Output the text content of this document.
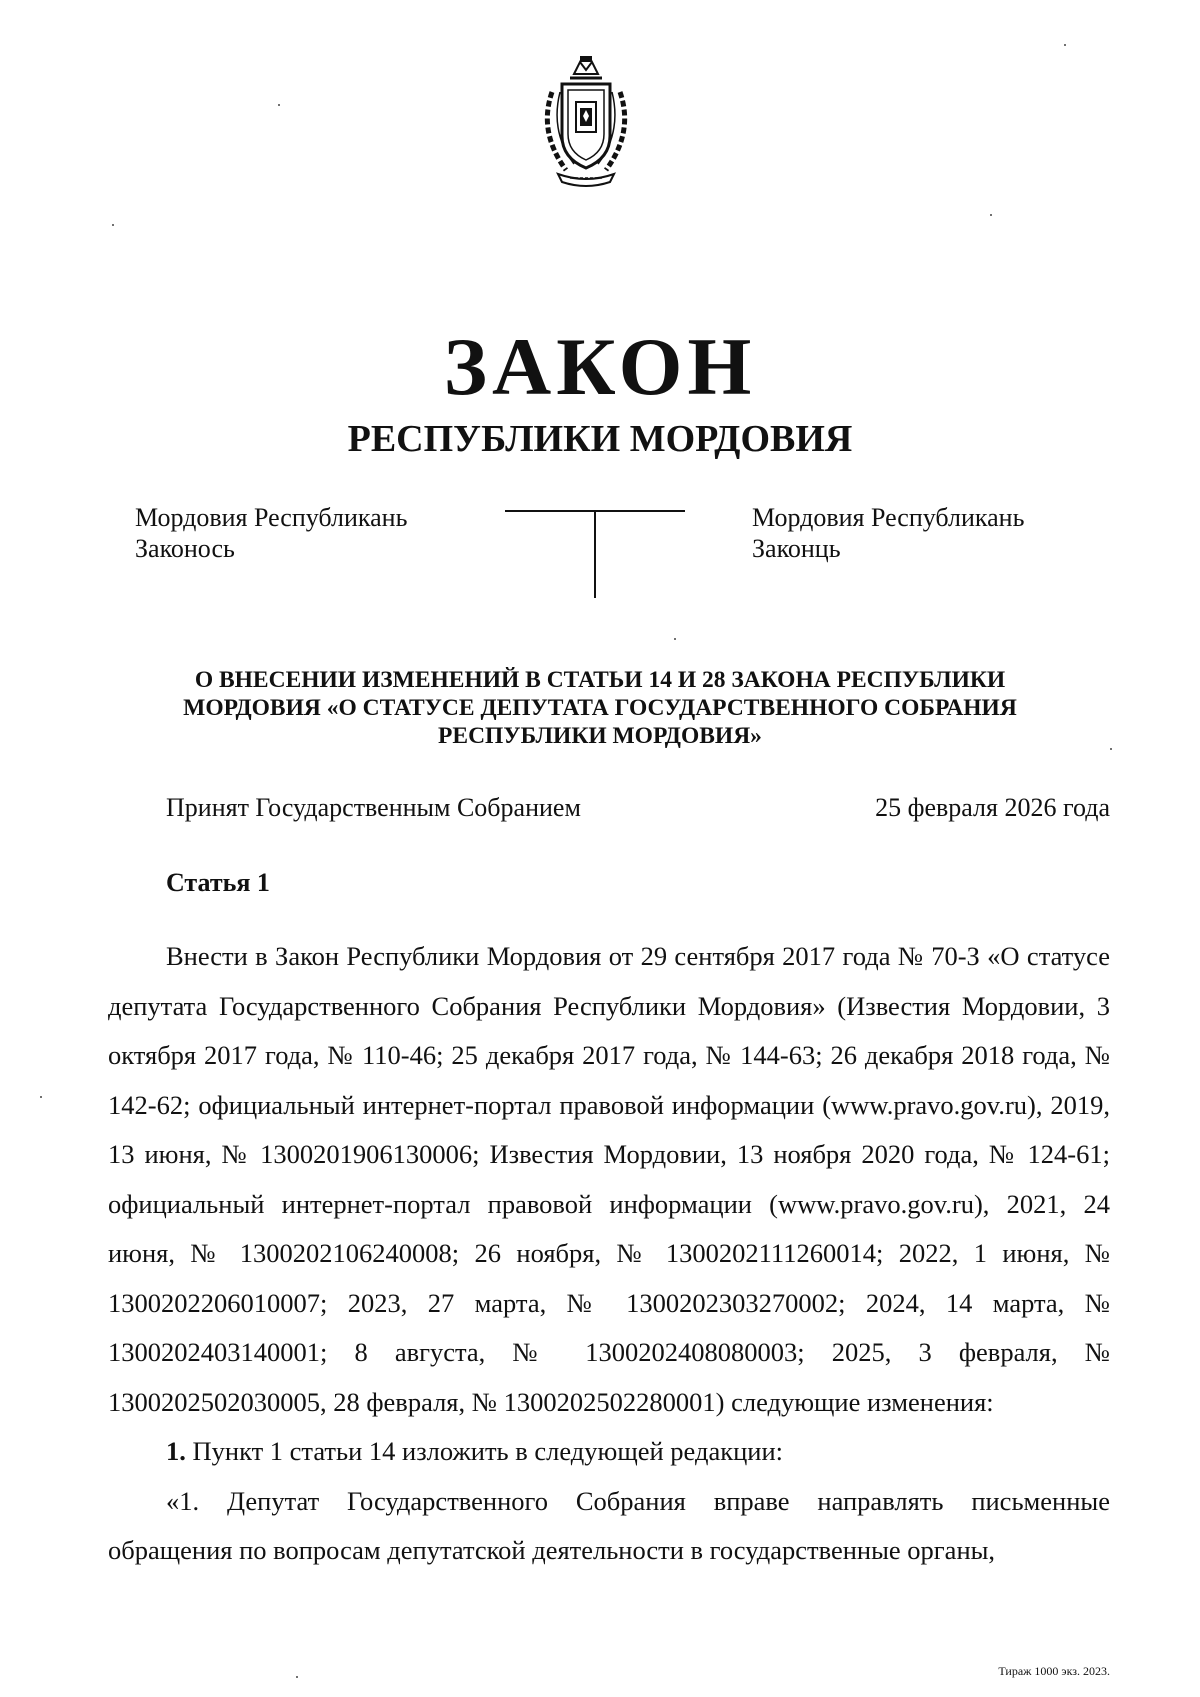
ЗАКОН
РЕСПУБЛИКИ МОРДОВИЯ
Мордовия Республикань
Законось
Мордовия Республикань
Законць
О ВНЕСЕНИИ ИЗМЕНЕНИЙ В СТАТЬИ 14 И 28 ЗАКОНА РЕСПУБЛИКИ
МОРДОВИЯ «О СТАТУСЕ ДЕПУТАТА ГОСУДАРСТВЕННОГО СОБРАНИЯ
РЕСПУБЛИКИ МОРДОВИЯ»
Принят Государственным Собранием	25 февраля 2026 года
Статья 1

Внести в Закон Республики Мордовия от 29 сентября 2017 года № 70-З «О статусе депутата Государственного Собрания Республики Мордовия» (Известия Мордовии, 3 октября 2017 года, № 110-46; 25 декабря 2017 года, № 144-63; 26 декабря 2018 года, № 142-62; официальный интернет-портал правовой информации (www.pravo.gov.ru), 2019, 13 июня, № 1300201906130006; Известия Мордовии, 13 ноября 2020 года, № 124-61; официальный интернет-портал правовой информации (www.pravo.gov.ru), 2021, 24 июня, № 1300202106240008; 26 ноября, № 1300202111260014; 2022, 1 июня, № 1300202206010007; 2023, 27 марта, № 1300202303270002; 2024, 14 марта, № 1300202403140001; 8 августа, № 1300202408080003; 2025, 3 февраля, № 1300202502030005, 28 февраля, № 1300202502280001) следующие изменения:

1. Пункт 1 статьи 14 изложить в следующей редакции:

«1. Депутат Государственного Собрания вправе направлять письменные обращения по вопросам депутатской деятельности в государственные органы,

Тираж 1000 экз. 2023.
